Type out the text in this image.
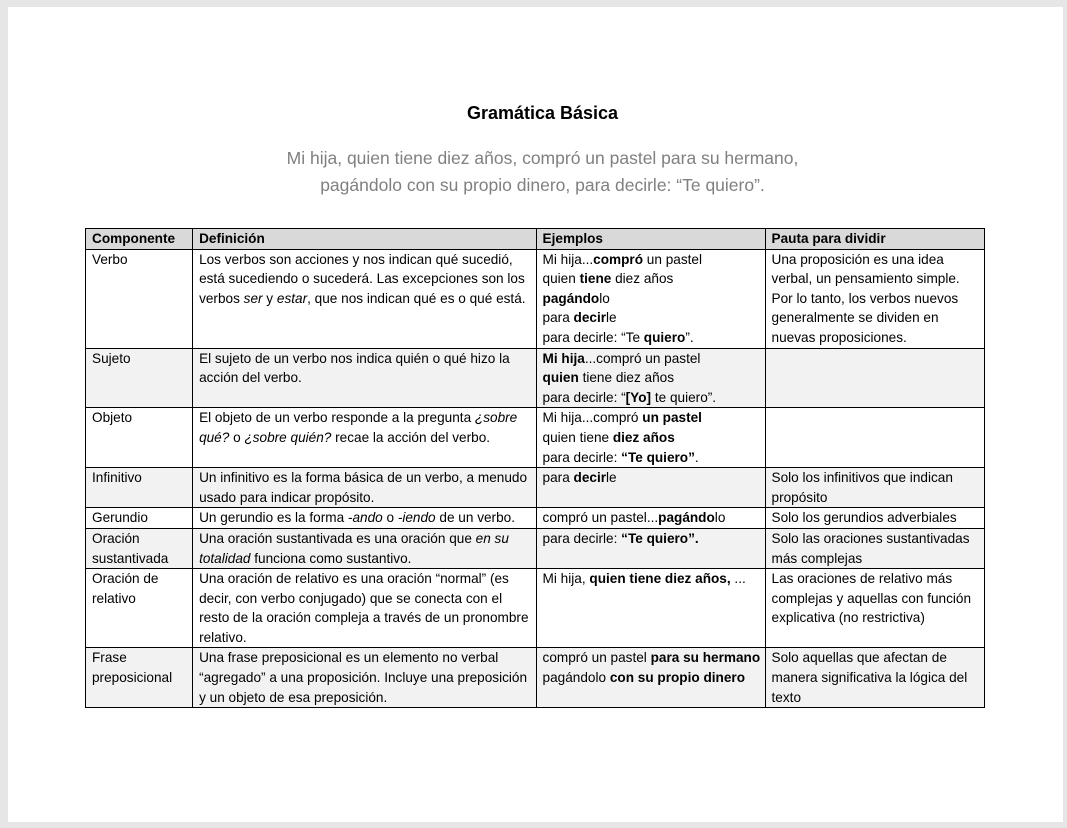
Gramática Básica
Mi hija, quien tiene diez años, compró un pastel para su hermano,
pagándolo con su propio dinero, para decirle: “Te quiero”.
Componente	Definición	Ejemplos	Pauta para dividir
Verbo	Los verbos son acciones y nos indican qué sucedió, está sucediendo o sucederá. Las excepciones son los verbos ser y estar, que nos indican qué es o qué está.	Mi hija...compró un pastel
quien tiene diez años
pagándolo
para decirle
para decirle: “Te quiero”.	Una proposición es una idea verbal, un pensamiento simple. Por lo tanto, los verbos nuevos generalmente se dividen en nuevas proposiciones.
Sujeto	El sujeto de un verbo nos indica quién o qué hizo la acción del verbo.	Mi hija...compró un pastel
quien tiene diez años
para decirle: “[Yo] te quiero”.	

Objeto	El objeto de un verbo responde a la pregunta ¿sobre qué? o ¿sobre quién? recae la acción del verbo.	Mi hija...compró un pastel
quien tiene diez años
para decirle: “Te quiero”.	

Infinitivo	Un infinitivo es la forma básica de un verbo, a menudo usado para indicar propósito.	para decirle	Solo los infinitivos que indican propósito
Gerundio	Un gerundio es la forma -ando o -iendo de un verbo.	compró un pastel...pagándolo	Solo los gerundios adverbiales
Oración sustantivada	Una oración sustantivada es una oración que en su totalidad funciona como sustantivo.	para decirle: “Te quiero”.	Solo las oraciones sustantivadas más complejas
Oración de relativo	Una oración de relativo es una oración “normal” (es decir, con verbo conjugado) que se conecta con el resto de la oración compleja a través de un pronombre relativo.	Mi hija, quien tiene diez años, ...	Las oraciones de relativo más complejas y aquellas con función explicativa (no restrictiva)
Frase preposicional	Una frase preposicional es un elemento no verbal “agregado” a una proposición. Incluye una preposición y un objeto de esa preposición.	compró un pastel para su hermano
pagándolo con su propio dinero	Solo aquellas que afectan de manera significativa la lógica del texto
